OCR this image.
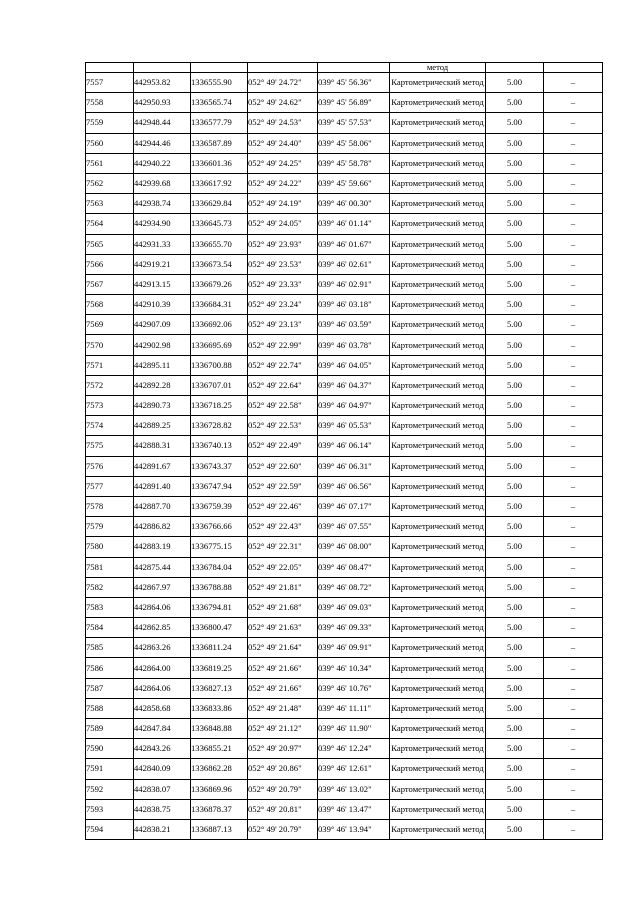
					метод		
7557	442953.82	1336555.90	052° 49' 24.72"	039° 45' 56.36"	Картометрический метод	5.00	–
7558	442950.93	1336565.74	052° 49' 24.62"	039° 45' 56.89"	Картометрический метод	5.00	–
7559	442948.44	1336577.79	052° 49' 24.53"	039° 45' 57.53"	Картометрический метод	5.00	–
7560	442944.46	1336587.89	052° 49' 24.40"	039° 45' 58.06"	Картометрический метод	5.00	–
7561	442940.22	1336601.36	052° 49' 24.25"	039° 45' 58.78"	Картометрический метод	5.00	–
7562	442939.68	1336617.92	052° 49' 24.22"	039° 45' 59.66"	Картометрический метод	5.00	–
7563	442938.74	1336629.84	052° 49' 24.19"	039° 46' 00.30"	Картометрический метод	5.00	–
7564	442934.90	1336645.73	052° 49' 24.05"	039° 46' 01.14"	Картометрический метод	5.00	–
7565	442931.33	1336655.70	052° 49' 23.93"	039° 46' 01.67"	Картометрический метод	5.00	–
7566	442919.21	1336673.54	052° 49' 23.53"	039° 46' 02.61"	Картометрический метод	5.00	–
7567	442913.15	1336679.26	052° 49' 23.33"	039° 46' 02.91"	Картометрический метод	5.00	–
7568	442910.39	1336684.31	052° 49' 23.24"	039° 46' 03.18"	Картометрический метод	5.00	–
7569	442907.09	1336692.06	052° 49' 23.13"	039° 46' 03.59"	Картометрический метод	5.00	–
7570	442902.98	1336695.69	052° 49' 22.99"	039° 46' 03.78"	Картометрический метод	5.00	–
7571	442895.11	1336700.88	052° 49' 22.74"	039° 46' 04.05"	Картометрический метод	5.00	–
7572	442892.28	1336707.01	052° 49' 22.64"	039° 46' 04.37"	Картометрический метод	5.00	–
7573	442890.73	1336718.25	052° 49' 22.58"	039° 46' 04.97"	Картометрический метод	5.00	–
7574	442889.25	1336728.82	052° 49' 22.53"	039° 46' 05.53"	Картометрический метод	5.00	–
7575	442888.31	1336740.13	052° 49' 22.49"	039° 46' 06.14"	Картометрический метод	5.00	–
7576	442891.67	1336743.37	052° 49' 22.60"	039° 46' 06.31"	Картометрический метод	5.00	–
7577	442891.40	1336747.94	052° 49' 22.59"	039° 46' 06.56"	Картометрический метод	5.00	–
7578	442887.70	1336759.39	052° 49' 22.46"	039° 46' 07.17"	Картометрический метод	5.00	–
7579	442886.82	1336766.66	052° 49' 22.43"	039° 46' 07.55"	Картометрический метод	5.00	–
7580	442883.19	1336775.15	052° 49' 22.31"	039° 46' 08.00"	Картометрический метод	5.00	–
7581	442875.44	1336784.04	052° 49' 22.05"	039° 46' 08.47"	Картометрический метод	5.00	–
7582	442867.97	1336788.88	052° 49' 21.81"	039° 46' 08.72"	Картометрический метод	5.00	–
7583	442864.06	1336794.81	052° 49' 21.68"	039° 46' 09.03"	Картометрический метод	5.00	–
7584	442862.85	1336800.47	052° 49' 21.63"	039° 46' 09.33"	Картометрический метод	5.00	–
7585	442863.26	1336811.24	052° 49' 21.64"	039° 46' 09.91"	Картометрический метод	5.00	–
7586	442864.00	1336819.25	052° 49' 21.66"	039° 46' 10.34"	Картометрический метод	5.00	–
7587	442864.06	1336827.13	052° 49' 21.66"	039° 46' 10.76"	Картометрический метод	5.00	–
7588	442858.68	1336833.86	052° 49' 21.48"	039° 46' 11.11"	Картометрический метод	5.00	–
7589	442847.84	1336848.88	052° 49' 21.12"	039° 46' 11.90"	Картометрический метод	5.00	–
7590	442843.26	1336855.21	052° 49' 20.97"	039° 46' 12.24"	Картометрический метод	5.00	–
7591	442840.09	1336862.28	052° 49' 20.86"	039° 46' 12.61"	Картометрический метод	5.00	–
7592	442838.07	1336869.96	052° 49' 20.79"	039° 46' 13.02"	Картометрический метод	5.00	–
7593	442838.75	1336878.37	052° 49' 20.81"	039° 46' 13.47"	Картометрический метод	5.00	–
7594	442838.21	1336887.13	052° 49' 20.79"	039° 46' 13.94"	Картометрический метод	5.00	–
